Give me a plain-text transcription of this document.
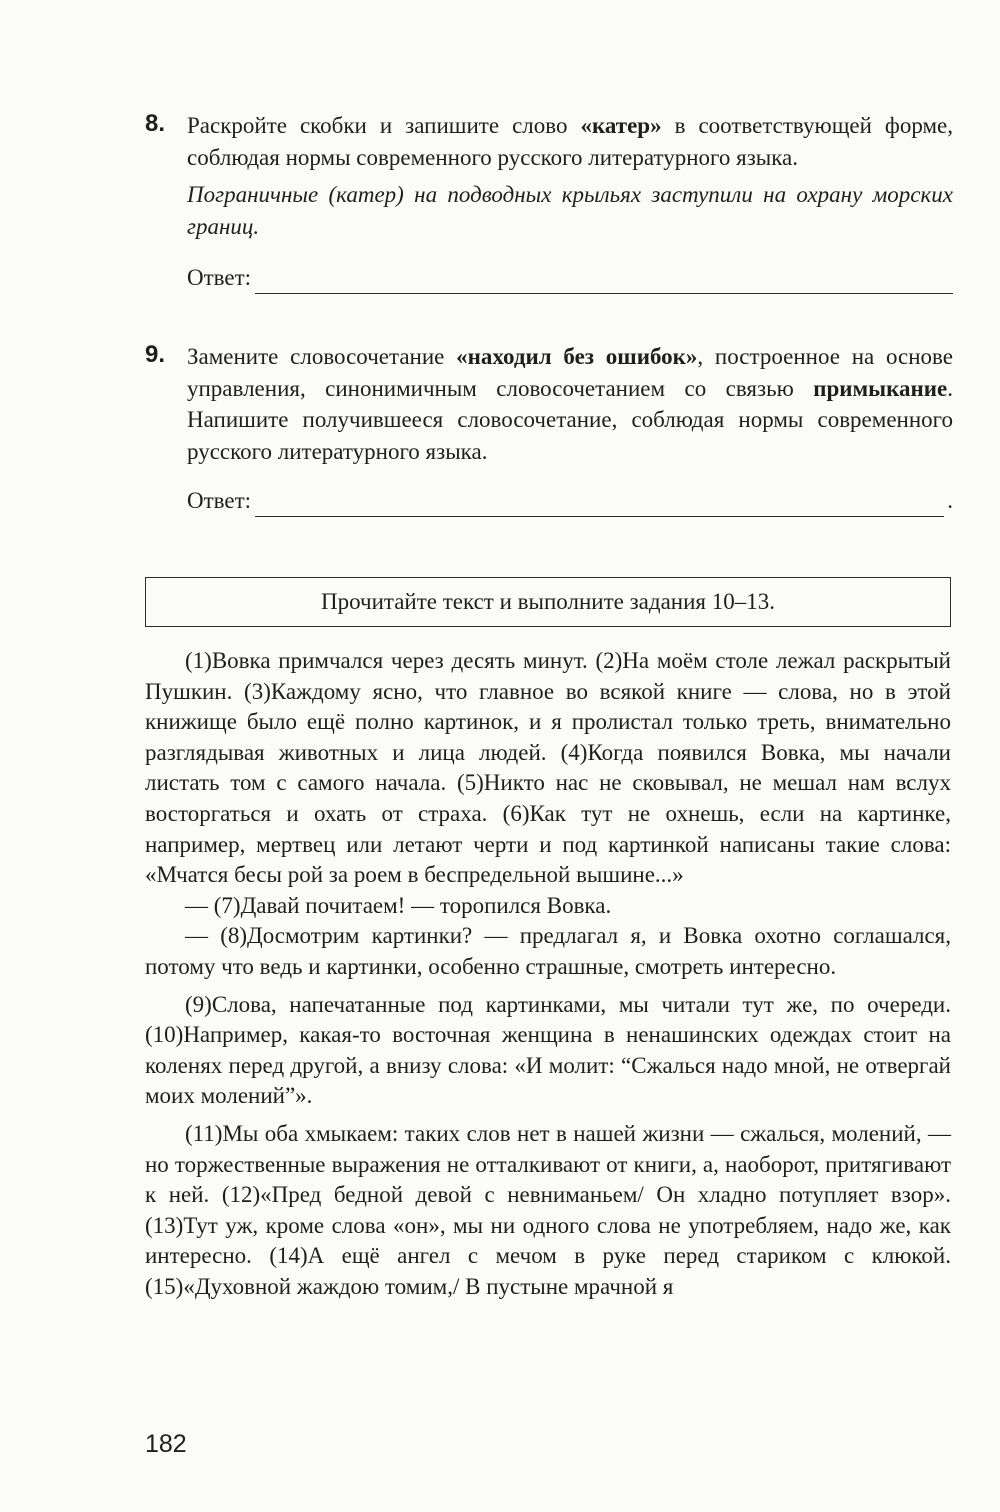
8. Раскройте скобки и запишите слово «катер» в соответствующей форме, соблюдая нормы современного русского литературного языка.

Пограничные (катер) на подводных крыльях заступили на охрану морских границ.

Ответ:
9. Замените словосочетание «находил без ошибок», построенное на основе управления, синонимичным словосочетанием со связью примыкание. Напишите получившееся словосочетание, соблюдая нормы современного русского литературного языка.

Ответ:	.
Прочитайте текст и выполните задания 10–13.

(1)Вовка примчался через десять минут. (2)На моём столе лежал раскрытый Пушкин. (3)Каждому ясно, что главное во всякой книге — слова, но в этой книжище было ещё полно картинок, и я пролистал только треть, внимательно разглядывая животных и лица людей. (4)Когда появился Вовка, мы начали листать том с самого начала. (5)Никто нас не сковывал, не мешал нам вслух восторгаться и охать от страха. (6)Как тут не охнешь, если на картинке, например, мертвец или летают черти и под картинкой написаны такие слова: «Мчатся бесы рой за роем в беспредельной вышине...»

— (7)Давай почитаем! — торопился Вовка.

— (8)Досмотрим картинки? — предлагал я, и Вовка охотно соглашался, потому что ведь и картинки, особенно страшные, смотреть интересно.

(9)Слова, напечатанные под картинками, мы читали тут же, по очереди. (10)Например, какая-то восточная женщина в ненашинских одеждах стоит на коленях перед другой, а внизу слова: «И молит: “Сжалься надо мной, не отвергай моих молений”».

(11)Мы оба хмыкаем: таких слов нет в нашей жизни — сжалься, молений, — но торжественные выражения не отталкивают от книги, а, наоборот, притягивают к ней. (12)«Пред бедной девой с невниманьем/ Он хладно потупляет взор». (13)Тут уж, кроме слова «он», мы ни одного слова не употребляем, надо же, как интересно. (14)А ещё ангел с мечом в руке перед стариком с клюкой. (15)«Духовной жаждою томим,/ В пустыне мрачной я

182
